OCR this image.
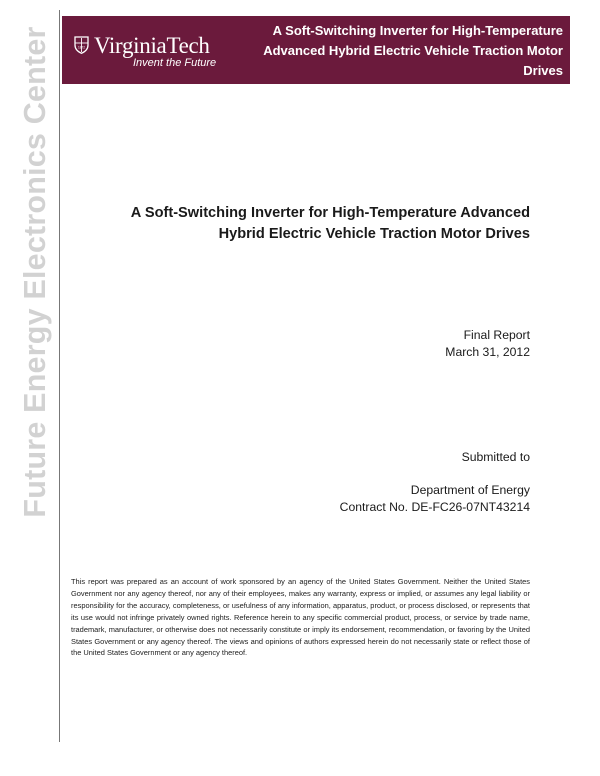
Future Energy Electronics Center	1872 VirginiaTech
Invent the Future
A Soft-Switching Inverter for High-Temperature Advanced Hybrid Electric Vehicle Traction Motor Drives
A Soft-Switching Inverter for High-Temperature Advanced
Hybrid Electric Vehicle Traction Motor Drives
Final Report
March 31, 2012
Submitted to
Department of Energy
Contract No. DE-FC26-07NT43214
This report was prepared as an account of work sponsored by an agency of the United States Government. Neither the United States Government nor any agency thereof, nor any of their employees, makes any warranty, express or implied, or assumes any legal liability or responsibility for the accuracy, completeness, or usefulness of any information, apparatus, product, or process disclosed, or represents that its use would not infringe privately owned rights. Reference herein to any specific commercial product, process, or service by trade name, trademark, manufacturer, or otherwise does not necessarily constitute or imply its endorsement, recommendation, or favoring by the United States Government or any agency thereof. The views and opinions of authors expressed herein do not necessarily state or reflect those of the United States Government or any agency thereof.
